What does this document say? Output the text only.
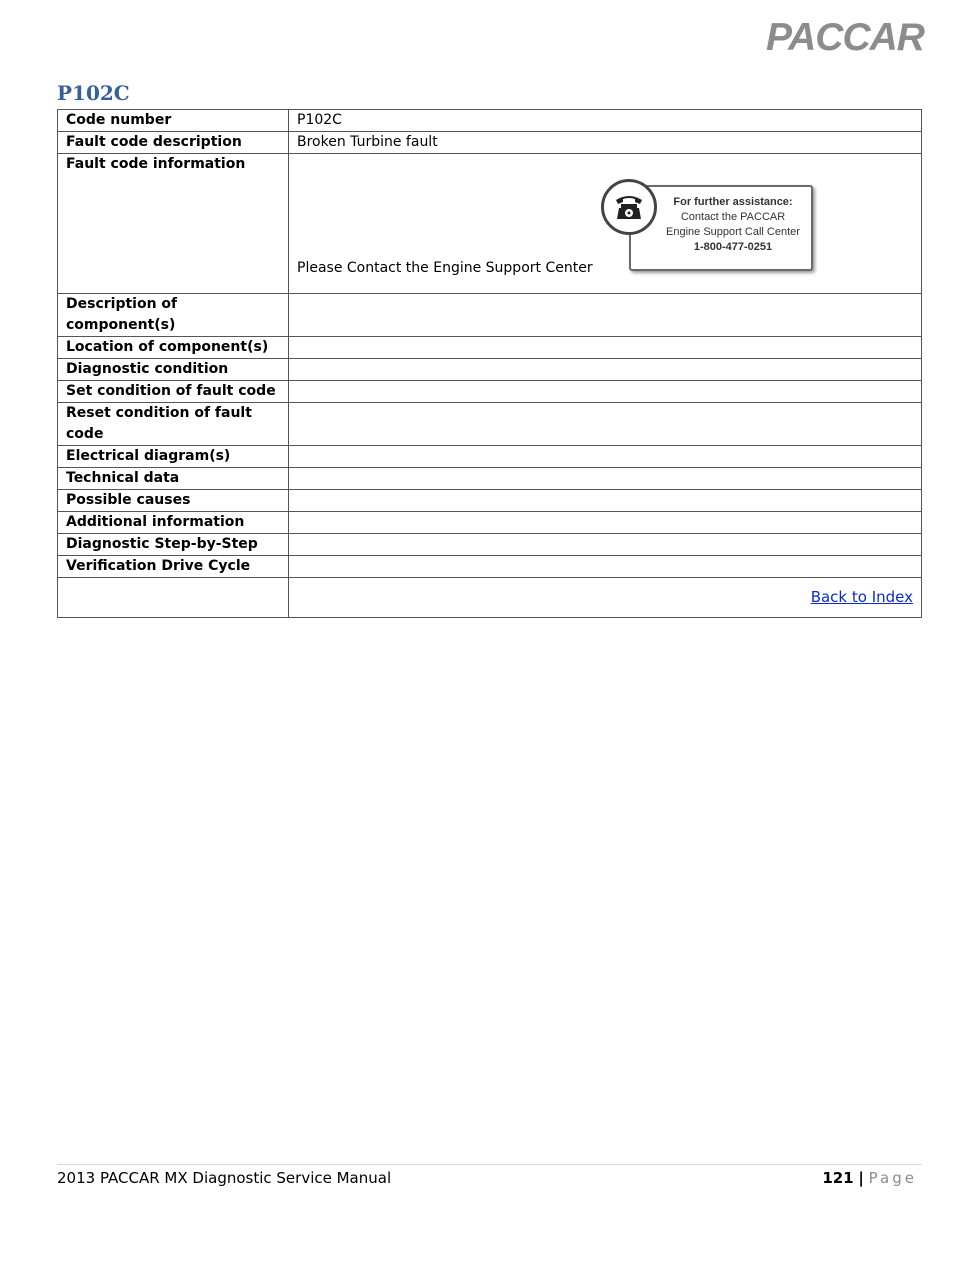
PACCAR
P102C
Code number	P102C
Fault code description	Broken Turbine fault
Fault code information	Please Contact the Engine Support Center

Description of component(s)	
Location of component(s)	
Diagnostic condition	
Set condition of fault code	
Reset condition of fault code	
Electrical diagram(s)	
Technical data	
Possible causes	
Additional information	
Diagnostic Step-by-Step	
Verification Drive Cycle	
	Back to Index
For further assistance:
Contact the PACCAR
Engine Support Call Center
1-800-477-0251
2013 PACCAR MX Diagnostic Service Manual	121 | Page
